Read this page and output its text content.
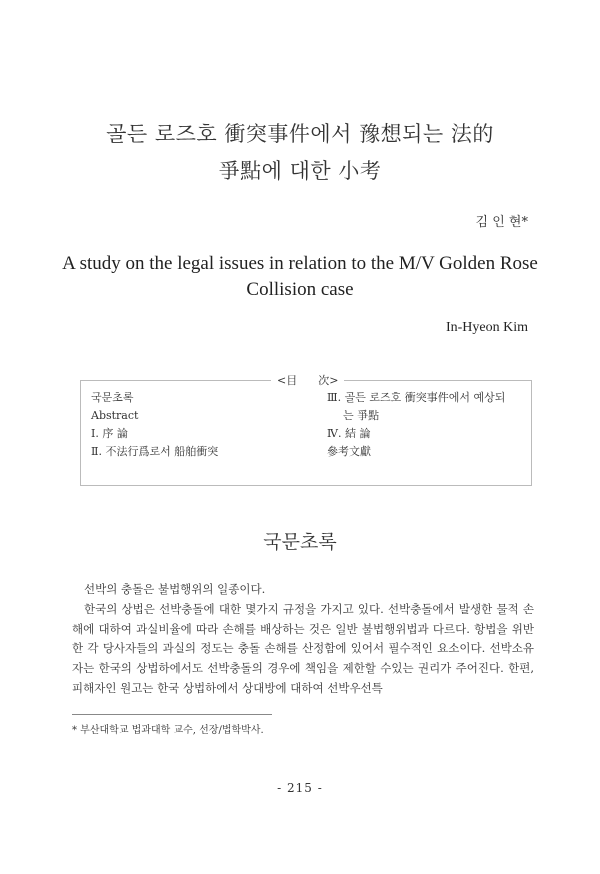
골든 로즈호 衝突事件에서 豫想되는 法的
爭點에 대한 小考
김 인 현*
A study on the legal issues in relation to the M/V Golden Rose
Collision case
In-Hyeon Kim
<目      次>
국문초록
Abstract
Ⅰ. 序 論
Ⅱ. 不法行爲로서 船舶衝突
Ⅲ. 골든 로즈호 衝突事件에서 예상되
는 爭點
Ⅳ. 結 論
參考文獻
국문초록

선박의 충돌은 불법행위의 일종이다.

한국의 상법은 선박충돌에 대한 몇가지 규정을 가지고 있다. 선박충돌에서 발생한 물적 손해에 대하여 과실비율에 따라 손해를 배상하는 것은 일반 불법행위법과 다르다. 항법을 위반한 각 당사자들의 과실의 정도는 충돌 손해를 산정함에 있어서 필수적인 요소이다. 선박소유자는 한국의 상법하에서도 선박충돌의 경우에 책임을 제한할 수있는 권리가 주어진다. 한편, 피해자인 원고는 한국 상법하에서 상대방에 대하여 선박우선특

* 부산대학교 법과대학 교수, 선장/법학박사.
- 215 -
